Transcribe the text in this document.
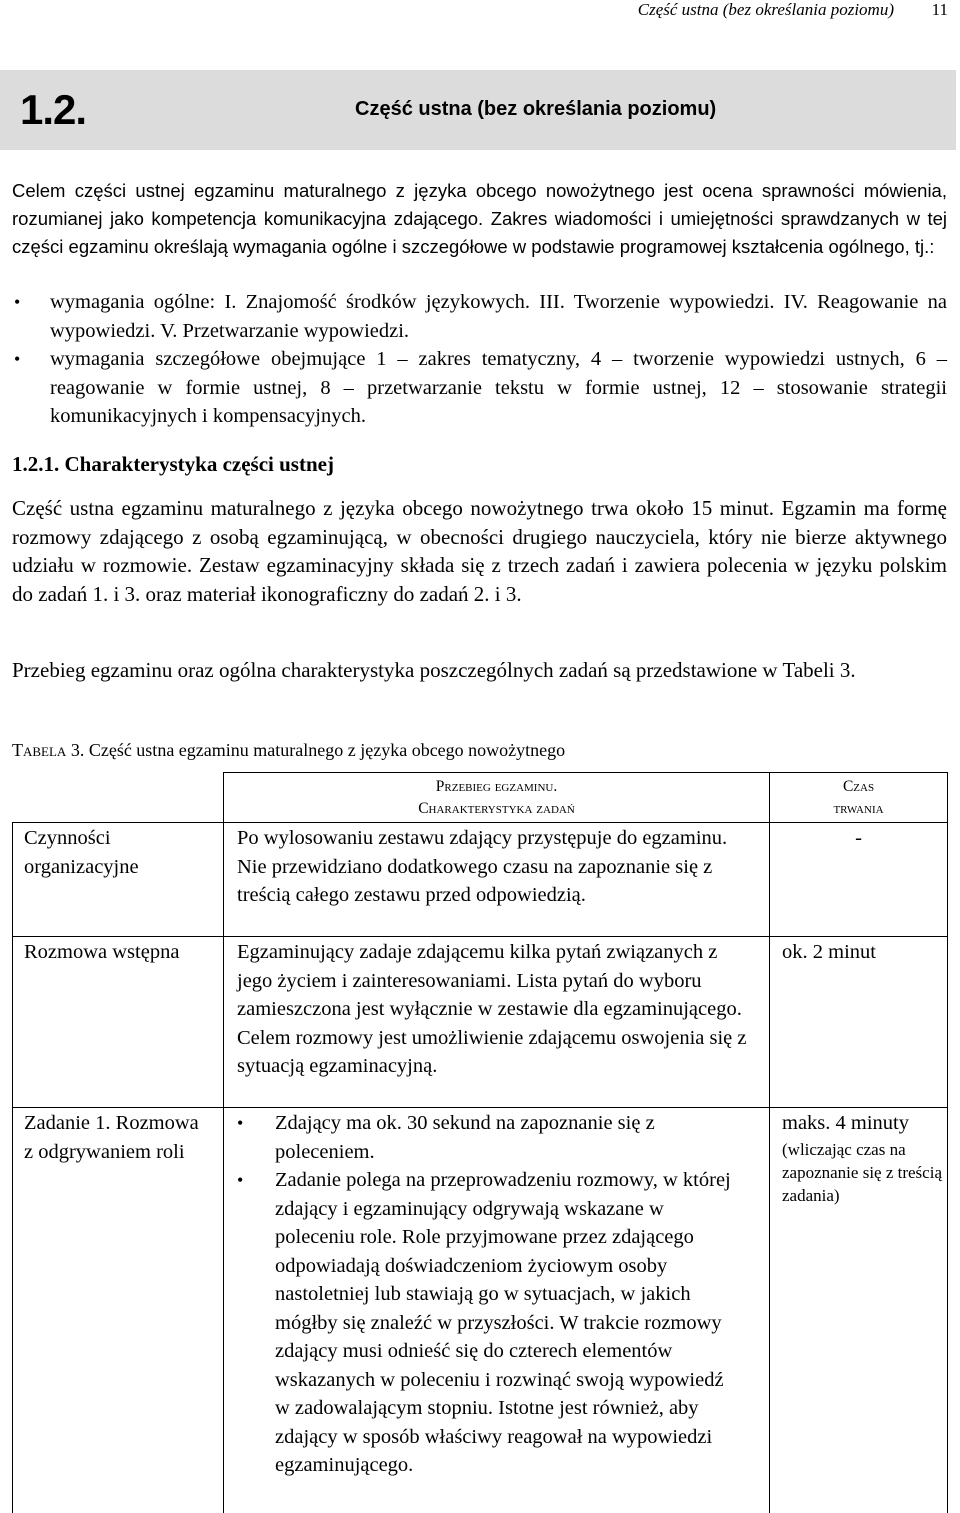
Część ustna (bez określania poziomu) 11
1.2.	Część ustna (bez określania poziomu)

Celem części ustnej egzaminu maturalnego z języka obcego nowożytnego jest ocena sprawności mówienia, rozumianej jako kompetencja komunikacyjna zdającego. Zakres wiadomości i umiejętności sprawdzanych w tej części egzaminu określają wymagania ogólne i szczegółowe w podstawie programowej kształcenia ogólnego, tj.:

• wymagania ogólne: I. Znajomość środków językowych. III. Tworzenie wypowiedzi. IV. Reagowanie na wypowiedzi. V. Przetwarzanie wypowiedzi.
• wymagania szczegółowe obejmujące 1 – zakres tematyczny, 4 – tworzenie wypowiedzi ustnych, 6 – reagowanie w formie ustnej, 8 – przetwarzanie tekstu w formie ustnej, 12 – stosowanie strategii komunikacyjnych i kompensacyjnych.
1.2.1. Charakterystyka części ustnej

Część ustna egzaminu maturalnego z języka obcego nowożytnego trwa około 15 minut. Egzamin ma formę rozmowy zdającego z osobą egzaminującą, w obecności drugiego nauczyciela, który nie bierze aktywnego udziału w rozmowie. Zestaw egzaminacyjny składa się z trzech zadań i zawiera polecenia w języku polskim do zadań 1. i 3. oraz materiał ikonograficzny do zadań 2. i 3.

Przebieg egzaminu oraz ogólna charakterystyka poszczególnych zadań są przedstawione w Tabeli 3.

Tabela 3. Część ustna egzaminu maturalnego z języka obcego nowożytnego
Przebieg egzaminu.
Charakterystyka zadań
Czas
trwania
Czynności organizacyjne
Po wylosowaniu zestawu zdający przystępuje do egzaminu. Nie przewidziano dodatkowego czasu na zapoznanie się z treścią całego zestawu przed odpowiedzią.
-
Rozmowa wstępna	Egzaminujący zadaje zdającemu kilka pytań związanych z jego życiem i zainteresowaniami. Lista pytań do wyboru zamieszczona jest wyłącznie w zestawie dla egzaminującego. Celem rozmowy jest umożliwienie zdającemu oswojenia się z sytuacją egzaminacyjną.
ok. 2 minut
Zadanie 1. Rozmowa z odgrywaniem roli
• Zdający ma ok. 30 sekund na zapoznanie się z poleceniem.
• Zadanie polega na przeprowadzeniu rozmowy, w której zdający i egzaminujący odgrywają wskazane w poleceniu role. Role przyjmowane przez zdającego odpowiadają doświadczeniom życiowym osoby nastoletniej lub stawiają go w sytuacjach, w jakich mógłby się znaleźć w przyszłości. W trakcie rozmowy zdający musi odnieść się do czterech elementów wskazanych w poleceniu i rozwinąć swoją wypowiedź w zadowalającym stopniu. Istotne jest również, aby zdający w sposób właściwy reagował na wypowiedzi egzaminującego.
maks. 4 minuty
(wliczając czas na zapoznanie się z treścią zadania)
